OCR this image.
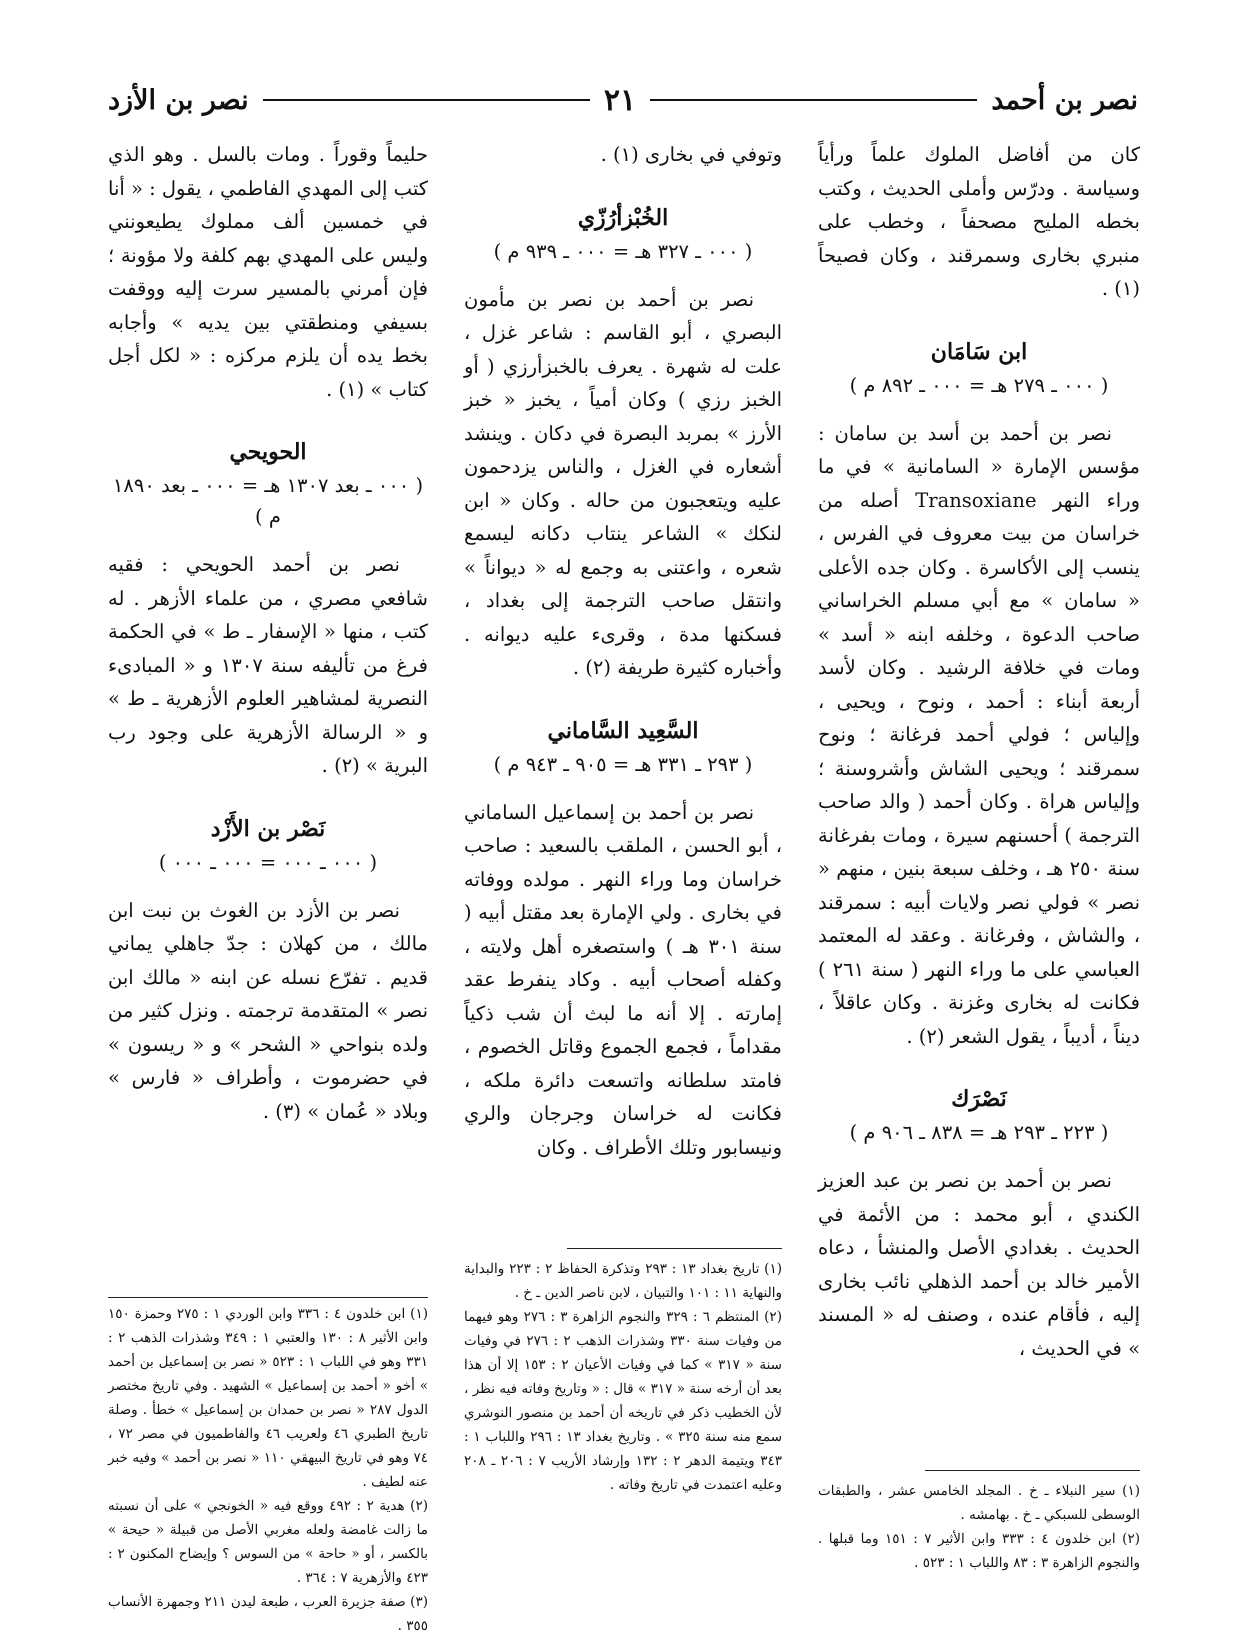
نصر بن أحمد
٢١
نصر بن الأزد

كان من أفاضل الملوك علماً ورأياً وسياسة . ودرّس وأملى الحديث ، وكتب بخطه المليح مصحفاً ، وخطب على منبري بخارى وسمرقند ، وكان فصيحاً (١) .

ابن سَامَان
( ٠٠٠ ـ ٢٧٩ هـ = ٠٠٠ ـ ٨٩٢ م )

نصر بن أحمد بن أسد بن سامان : مؤسس الإمارة « السامانية » في ما وراء النهر Transoxiane أصله من خراسان من بيت معروف في الفرس ، ينسب إلى الأكاسرة . وكان جده الأعلى « سامان » مع أبي مسلم الخراساني صاحب الدعوة ، وخلفه ابنه « أسد » ومات في خلافة الرشيد . وكان لأسد أربعة أبناء : أحمد ، ونوح ، ويحيى ، وإلياس ؛ فولي أحمد فرغانة ؛ ونوح سمرقند ؛ ويحيى الشاش وأشروسنة ؛ وإلياس هراة . وكان أحمد ( والد صاحب الترجمة ) أحسنهم سيرة ، ومات بفرغانة سنة ٢٥٠ هـ ، وخلف سبعة بنين ، منهم « نصر » فولي نصر ولايات أبيه : سمرقند ، والشاش ، وفرغانة . وعقد له المعتمد العباسي على ما وراء النهر ( سنة ٢٦١ ) فكانت له بخارى وغزنة . وكان عاقلاً ، ديناً ، أديباً ، يقول الشعر (٢) .

نَصْرَك
( ٢٢٣ ـ ٢٩٣ هـ = ٨٣٨ ـ ٩٠٦ م )

نصر بن أحمد بن نصر بن عبد العزيز الكندي ، أبو محمد : من الأئمة في الحديث . بغدادي الأصل والمنشأ ، دعاه الأمير خالد بن أحمد الذهلي نائب بخارى إليه ، فأقام عنده ، وصنف له « المسند » في الحديث ،

(١) سير النبلاء ـ خ . المجلد الخامس عشر ، والطبقات الوسطى للسبكي ـ خ . بهامشه .

(٢) ابن خلدون ٤ : ٣٣٣ وابن الأثير ٧ : ١٥١ وما قبلها . والنجوم الزاهرة ٣ : ٨٣ واللباب ١ : ٥٢٣ .

وتوفي في بخارى (١) .

الخُبْزأرُزّي
( ٠٠٠ ـ ٣٢٧ هـ = ٠٠٠ ـ ٩٣٩ م )

نصر بن أحمد بن نصر بن مأمون البصري ، أبو القاسم : شاعر غزل ، علت له شهرة . يعرف بالخبزأرزي ( أو الخبز رزي ) وكان أمياً ، يخبز « خبز الأرز » بمربد البصرة في دكان . وينشد أشعاره في الغزل ، والناس يزدحمون عليه ويتعجبون من حاله . وكان « ابن لنكك » الشاعر ينتاب دكانه ليسمع شعره ، واعتنى به وجمع له « ديواناً » وانتقل صاحب الترجمة إلى بغداد ، فسكنها مدة ، وقرىء عليه ديوانه . وأخباره كثيرة طريفة (٢) .

السَّعِيد السَّاماني
( ٢٩٣ ـ ٣٣١ هـ = ٩٠٥ ـ ٩٤٣ م )

نصر بن أحمد بن إسماعيل الساماني ، أبو الحسن ، الملقب بالسعيد : صاحب خراسان وما وراء النهر . مولده ووفاته في بخارى . ولي الإمارة بعد مقتل أبيه ( سنة ٣٠١ هـ ) واستصغره أهل ولايته ، وكفله أصحاب أبيه . وكاد ينفرط عقد إمارته . إلا أنه ما لبث أن شب ذكياً مقداماً ، فجمع الجموع وقاتل الخصوم ، فامتد سلطانه واتسعت دائرة ملكه ، فكانت له خراسان وجرجان والري ونيسابور وتلك الأطراف . وكان

(١) تاريخ بغداد ١٣ : ٢٩٣ وتذكرة الحفاظ ٢ : ٢٢٣ والبداية والنهاية ١١ : ١٠١ والتبيان ، لابن ناصر الدين ـ خ .

(٢) المنتظم ٦ : ٣٢٩ والنجوم الزاهرة ٣ : ٢٧٦ وهو فيهما من وفيات سنة ٣٣٠ وشذرات الذهب ٢ : ٢٧٦ في وفيات سنة « ٣١٧ » كما في وفيات الأعيان ٢ : ١٥٣ إلا أن هذا بعد أن أرخه سنة « ٣١٧ » قال : « وتاريخ وفاته فيه نظر ، لأن الخطيب ذكر في تاريخه أن أحمد بن منصور النوشري سمع منه سنة ٣٢٥ » . وتاريخ بغداد ١٣ : ٢٩٦ واللباب ١ : ٣٤٣ ويتيمة الدهر ٢ : ١٣٢ وإرشاد الأريب ٧ : ٢٠٦ ـ ٢٠٨ وعليه اعتمدت في تاريخ وفاته .

حليماً وقوراً . ومات بالسل . وهو الذي كتب إلى المهدي الفاطمي ، يقول : « أنا في خمسين ألف مملوك يطيعونني وليس على المهدي بهم كلفة ولا مؤونة ؛ فإن أمرني بالمسير سرت إليه ووقفت بسيفي ومنطقتي بين يديه » وأجابه بخط يده أن يلزم مركزه : « لكل أجل كتاب » (١) .

الحويحي
( ٠٠٠ ـ بعد ١٣٠٧ هـ = ٠٠٠ ـ بعد ١٨٩٠ م )

نصر بن أحمد الحويحي : فقيه شافعي مصري ، من علماء الأزهر . له كتب ، منها « الإسفار ـ ط » في الحكمة فرغ من تأليفه سنة ١٣٠٧ و « المبادىء النصرية لمشاهير العلوم الأزهرية ـ ط » و « الرسالة الأزهرية على وجود رب البرية » (٢) .

نَصْر بن الأَزْد
( ٠٠٠ ـ ٠٠٠ = ٠٠٠ ـ ٠٠٠ )

نصر بن الأزد بن الغوث بن نبت ابن مالك ، من كهلان : جدّ جاهلي يماني قديم . تفرّع نسله عن ابنه « مالك ابن نصر » المتقدمة ترجمته . ونزل كثير من ولده بنواحي « الشحر » و « ريسون » في حضرموت ، وأطراف « فارس » وبلاد « عُمان » (٣) .

(١) ابن خلدون ٤ : ٣٣٦ وابن الوردي ١ : ٢٧٥ وحمزة ١٥٠ وابن الأثير ٨ : ١٣٠ والعتبي ١ : ٣٤٩ وشذرات الذهب ٢ : ٣٣١ وهو في اللباب ١ : ٥٢٣ « نصر بن إسماعيل بن أحمد » أخو « أحمد بن إسماعيل » الشهيد . وفي تاريخ مختصر الدول ٢٨٧ « نصر بن حمدان بن إسماعيل » خطأ . وصلة تاريخ الطبري ٤٦ ولعريب ٤٦ والفاطميون في مصر ٧٢ ، ٧٤ وهو في تاريخ البيهقي ١١٠ « نصر بن أحمد » وفيه خبر عنه لطيف .

(٢) هدية ٢ : ٤٩٢ ووقع فيه « الخونجي » على أن نسبته ما زالت غامضة ولعله مغربي الأصل من قبيلة « حيحة » بالكسر ، أو « حاحة » من السوس ؟ وإيضاح المكنون ٢ : ٤٢٣ والأزهرية ٧ : ٣٦٤ .

(٣) صفة جزيرة العرب ، طبعة ليدن ٢١١ وجمهرة الأنساب ٣٥٥ .
